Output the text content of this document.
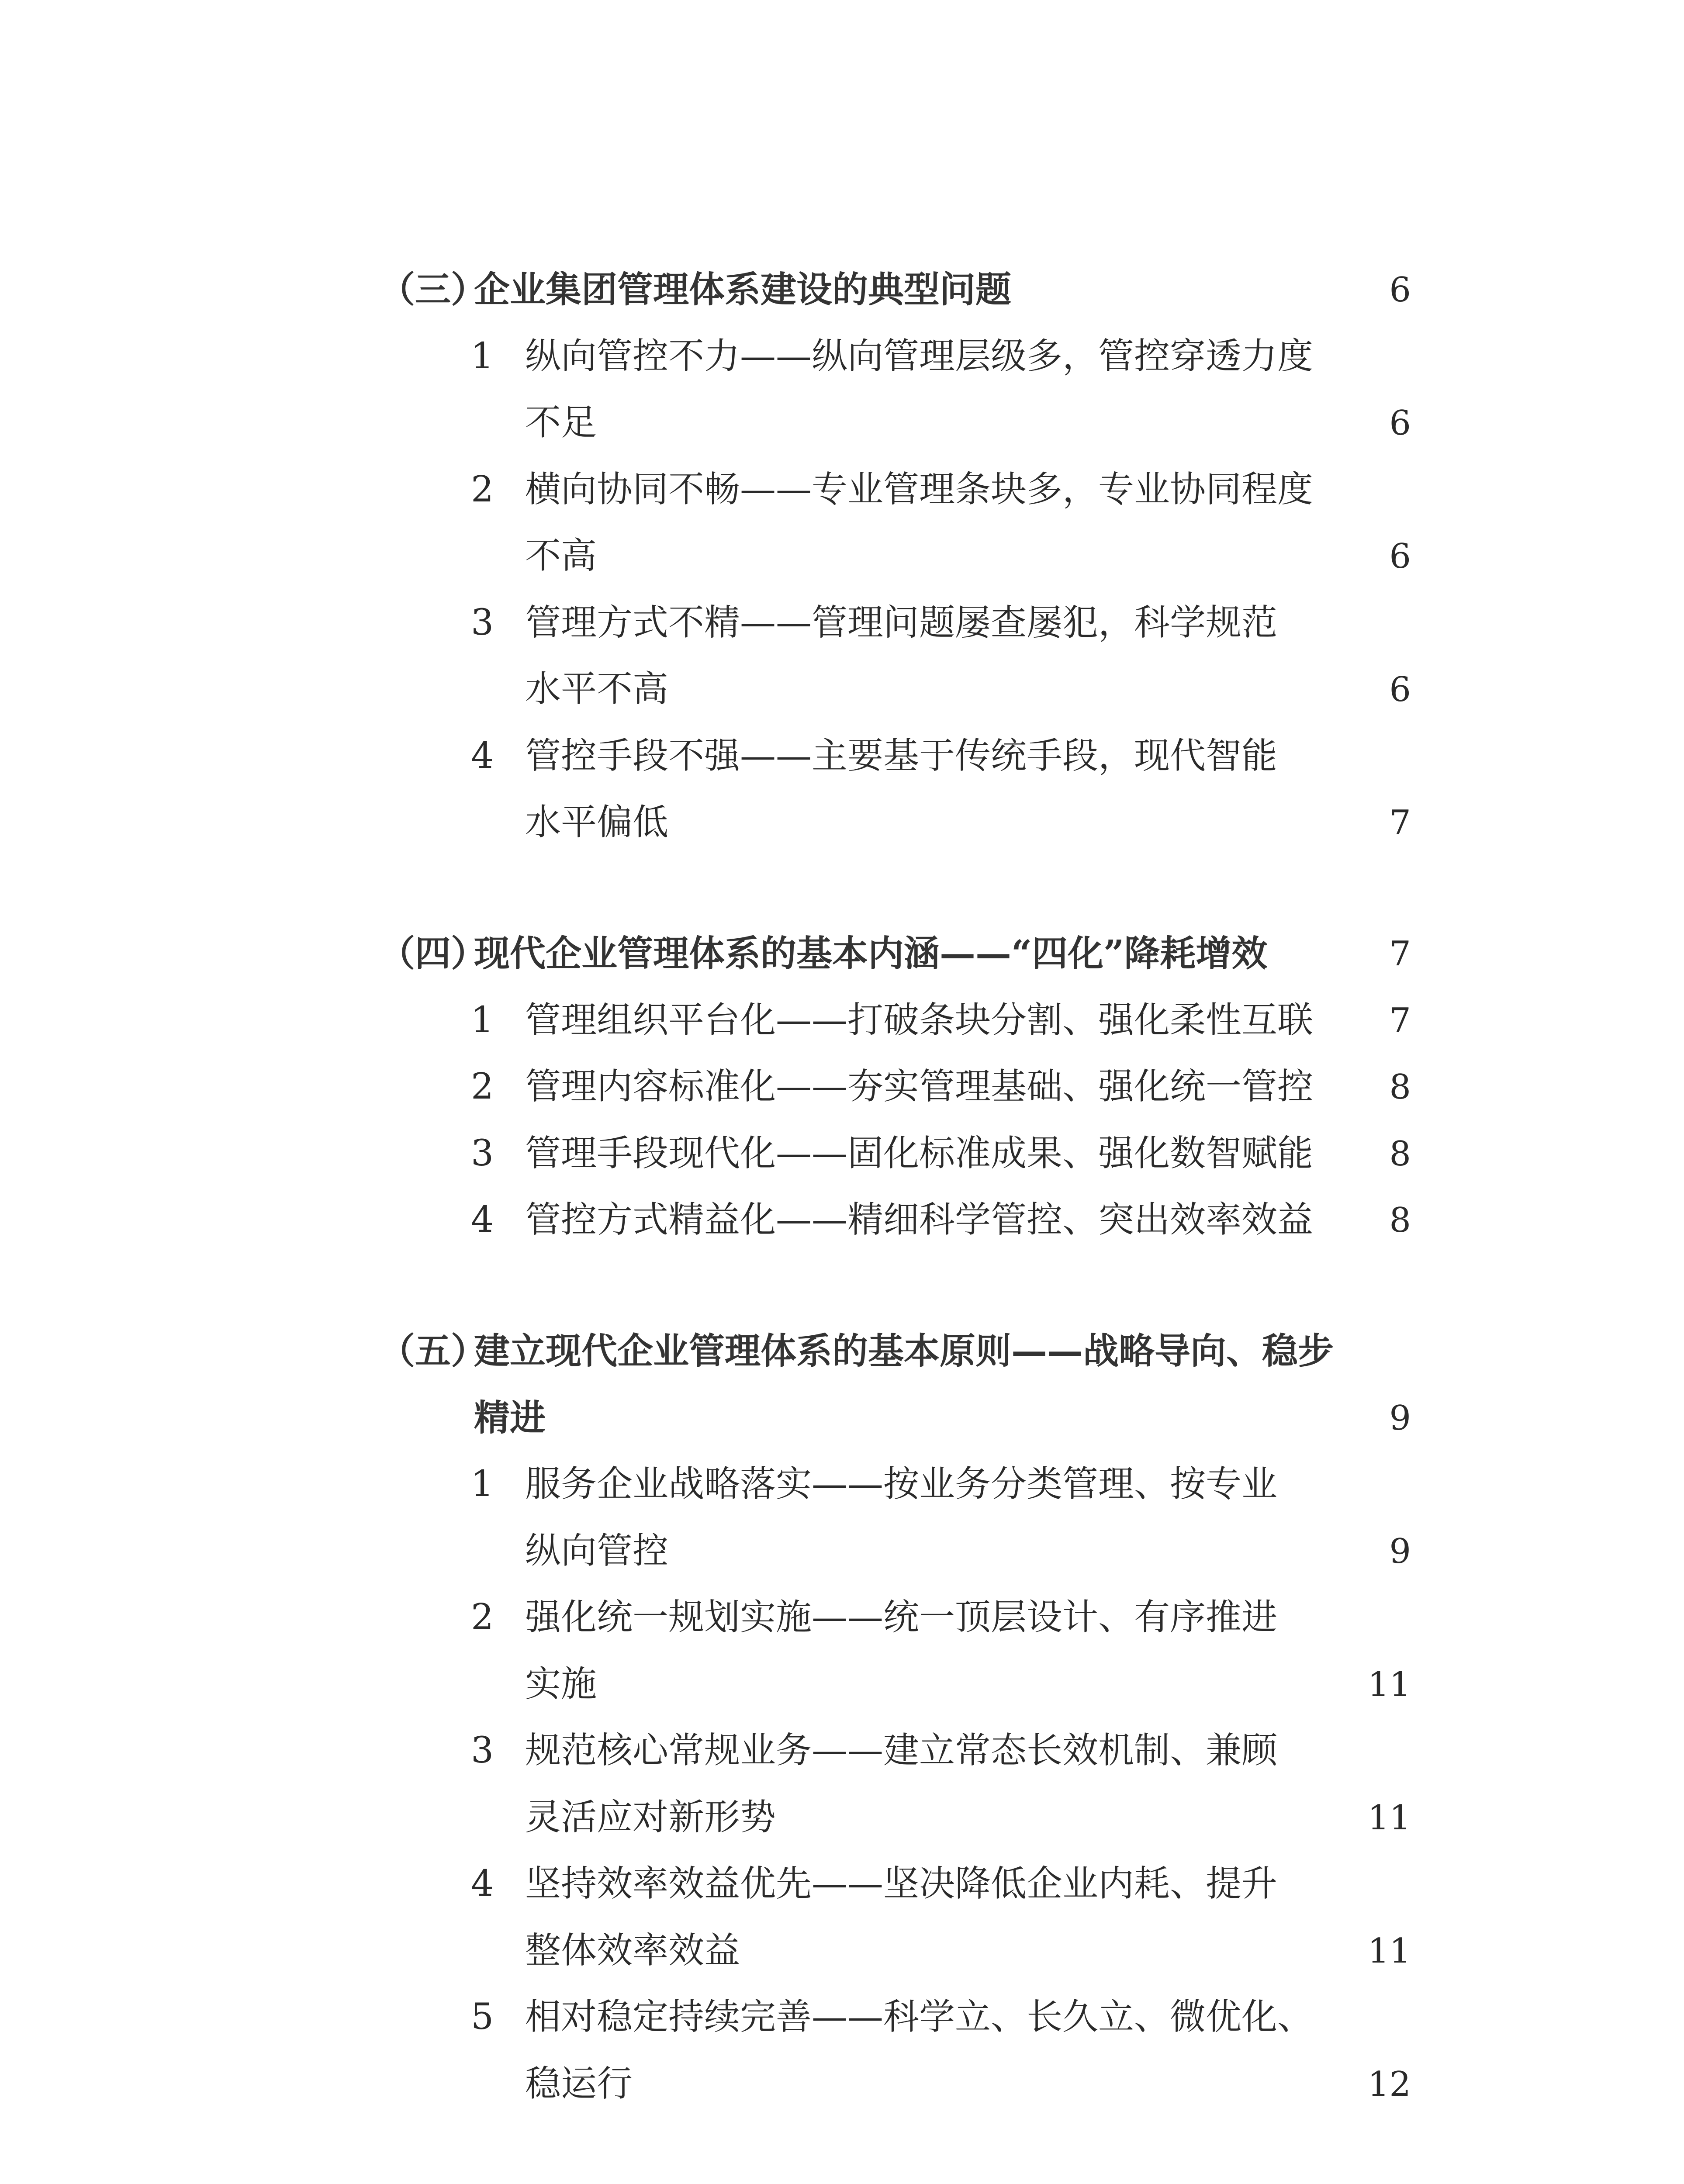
（三）
企业集团管理体系建设的典型问题	6
1 纵向管控不力——纵向管理层级多，管控穿透力度
不足	6
2 横向协同不畅——专业管理条块多，专业协同程度
不高	6
3 管理方式不精——管理问题屡查屡犯，科学规范
水平不高	6
4 管控手段不强——主要基于传统手段，现代智能
水平偏低	7
（四）
现代企业管理体系的基本内涵——“四化”降耗增效	7
1 管理组织平台化——打破条块分割、强化柔性互联	7
2 管理内容标准化——夯实管理基础、强化统一管控	8
3 管理手段现代化——固化标准成果、强化数智赋能	8
4 管控方式精益化——精细科学管控、突出效率效益	8
（五）
建立现代企业管理体系的基本原则——战略导向、稳步
精进	9
1 服务企业战略落实——按业务分类管理、按专业
纵向管控	9
2 强化统一规划实施——统一顶层设计、有序推进
实施	11
3 规范核心常规业务——建立常态长效机制、兼顾
灵活应对新形势	11
4 坚持效率效益优先——坚决降低企业内耗、提升
整体效率效益	11
5 相对稳定持续完善——科学立、长久立、微优化、
稳运行	12
